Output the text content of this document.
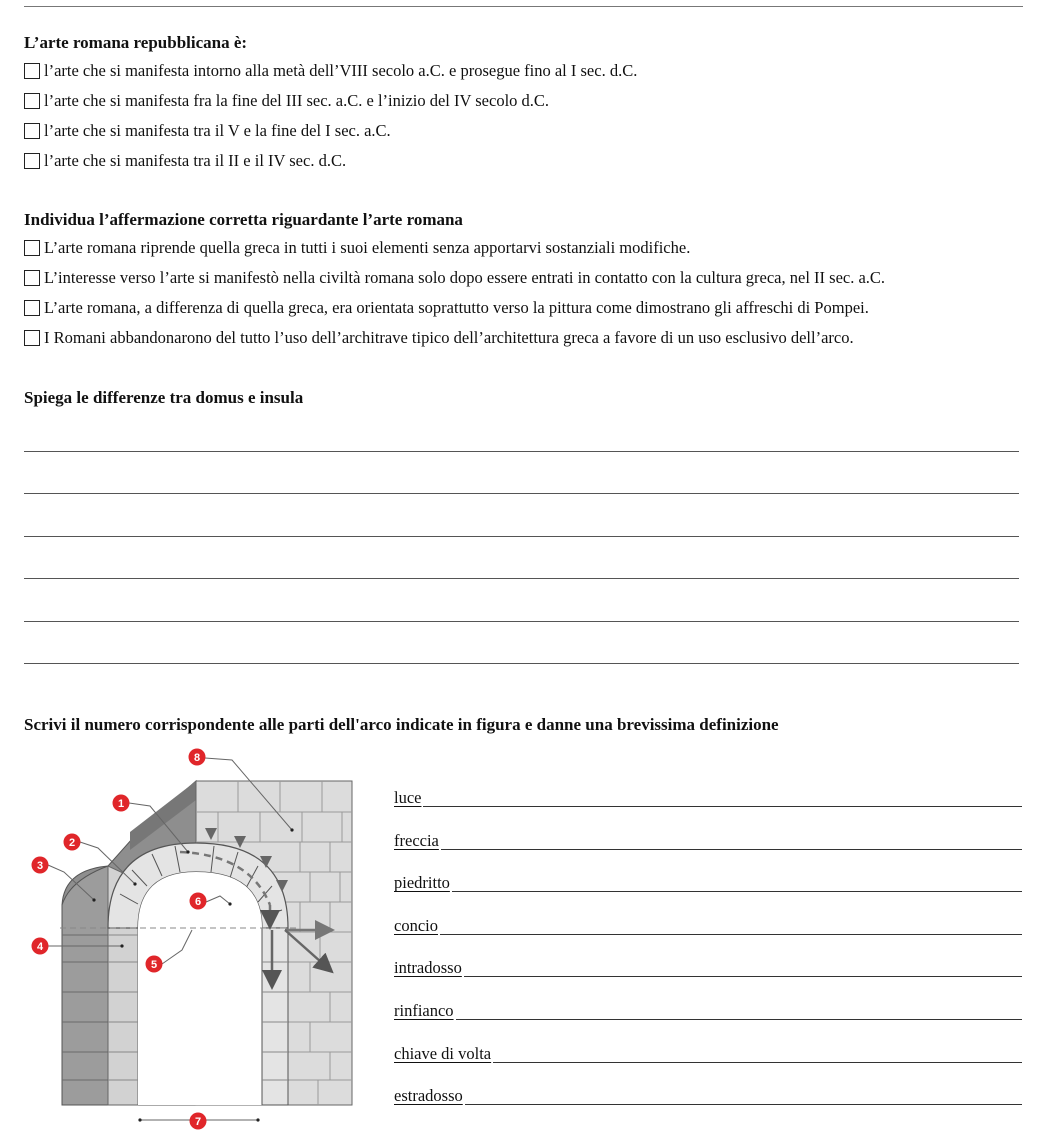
L’arte romana repubblicana è:
l’arte che si manifesta intorno alla metà dell’VIII secolo a.C. e prosegue fino al I sec. d.C.
l’arte che si manifesta fra la fine del III sec. a.C. e l’inizio del IV secolo d.C.
l’arte che si manifesta tra il V e la fine del I sec. a.C.
l’arte che si manifesta tra il II e il IV sec. d.C.
Individua l’affermazione corretta riguardante l’arte romana
L’arte romana riprende quella greca in tutti i suoi elementi senza apportarvi sostanziali modifiche.
L’interesse verso l’arte si manifestò nella civiltà romana solo dopo essere entrati in contatto con la cultura greca, nel II sec. a.C.
L’arte romana, a differenza di quella greca, era orientata soprattutto verso la pittura come dimostrano gli affreschi di Pompei.
I Romani abbandonarono del tutto l’uso dell’architrave tipico dell’architettura greca a favore di un uso esclusivo dell’arco.
Spiega le differenze tra domus e insula
Scrivi il numero corrispondente alle parti dell'arco indicate in figura e danne una brevissima definizione
8
1
2
3
4
5
6
7
luce
freccia
piedritto
concio
intradosso
rinfianco
chiave di volta
estradosso
